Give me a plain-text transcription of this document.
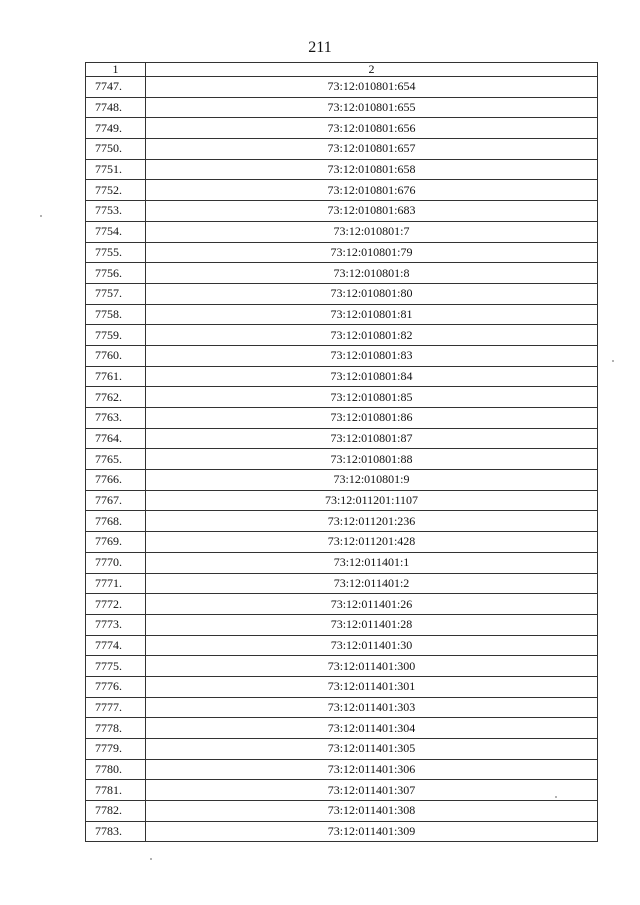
211
1	2
7747.	73:12:010801:654
7748.	73:12:010801:655
7749.	73:12:010801:656
7750.	73:12:010801:657
7751.	73:12:010801:658
7752.	73:12:010801:676
7753.	73:12:010801:683
7754.	73:12:010801:7
7755.	73:12:010801:79
7756.	73:12:010801:8
7757.	73:12:010801:80
7758.	73:12:010801:81
7759.	73:12:010801:82
7760.	73:12:010801:83
7761.	73:12:010801:84
7762.	73:12:010801:85
7763.	73:12:010801:86
7764.	73:12:010801:87
7765.	73:12:010801:88
7766.	73:12:010801:9
7767.	73:12:011201:1107
7768.	73:12:011201:236
7769.	73:12:011201:428
7770.	73:12:011401:1
7771.	73:12:011401:2
7772.	73:12:011401:26
7773.	73:12:011401:28
7774.	73:12:011401:30
7775.	73:12:011401:300
7776.	73:12:011401:301
7777.	73:12:011401:303
7778.	73:12:011401:304
7779.	73:12:011401:305
7780.	73:12:011401:306
7781.	73:12:011401:307
7782.	73:12:011401:308
7783.	73:12:011401:309
